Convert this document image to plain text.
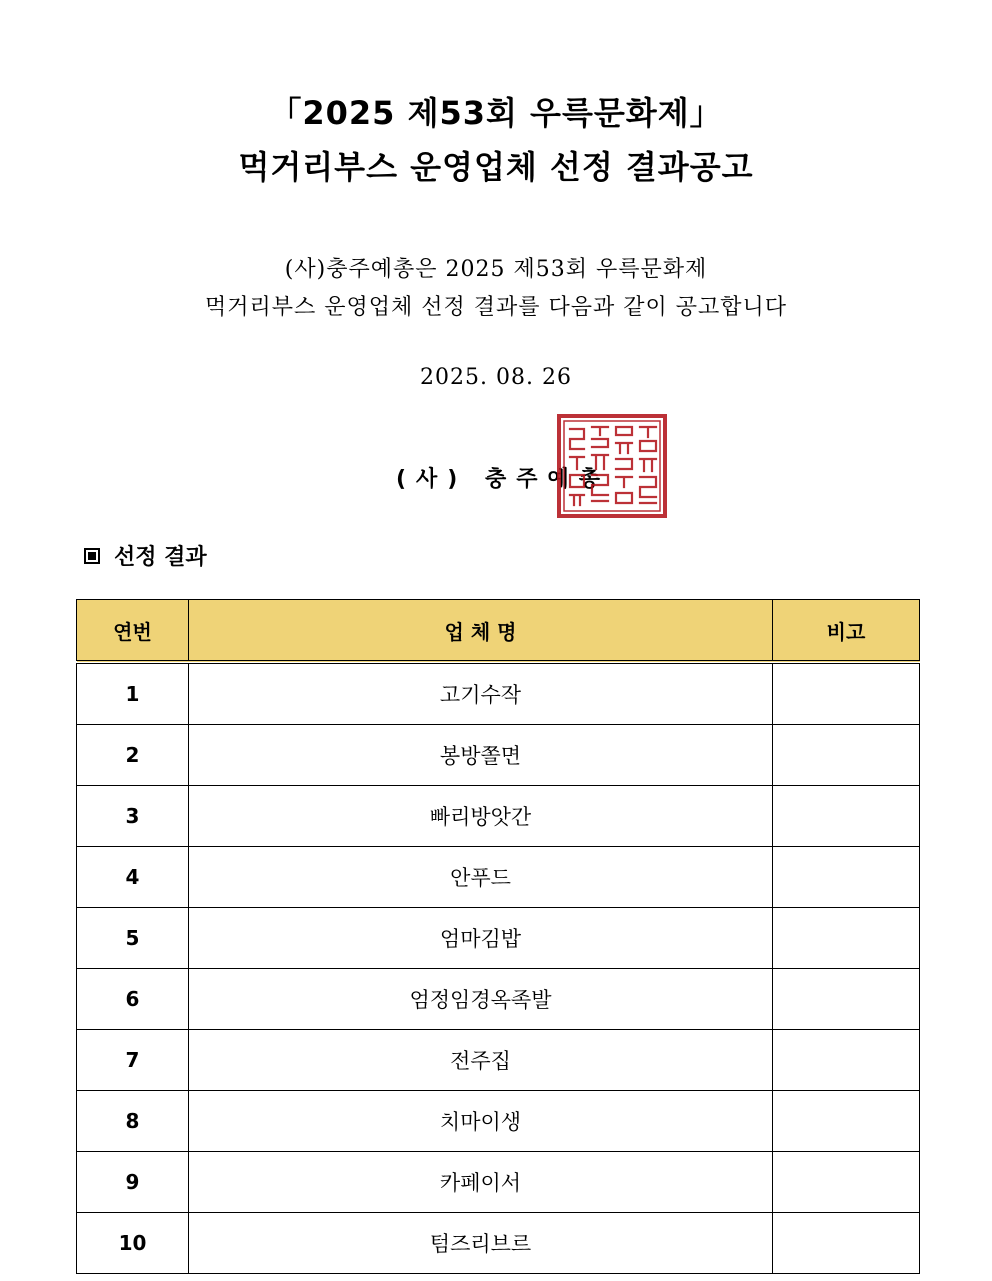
「2025 제53회 우륵문화제」
먹거리부스 운영업체 선정 결과공고
(사)충주예총은 2025 제53회 우륵문화제
먹거리부스 운영업체 선정 결과를 다음과 같이 공고합니다
2025. 08. 26
(사) 충주예총
선정 결과
연번	업 체 명	비고
1	고기수작	
2	봉방쫄면	
3	빠리방앗간	
4	안푸드	
5	엄마김밥	
6	엄정임경옥족발	
7	전주집	
8	치마이생	
9	카페이서	
10	텀즈리브르	
